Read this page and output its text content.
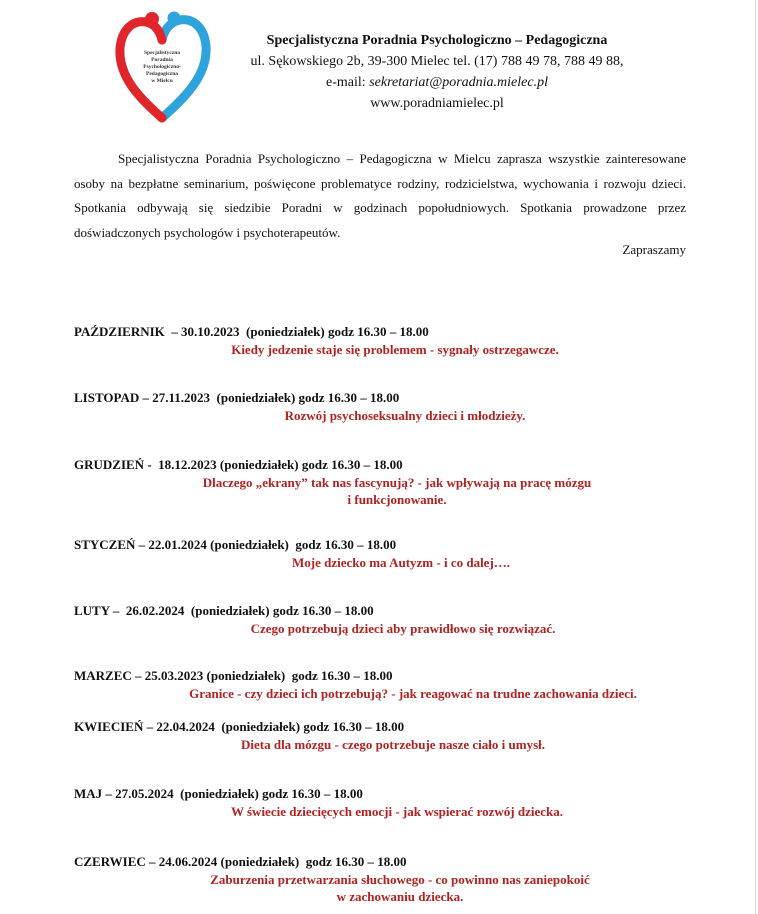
Specjalistyczna
Poradnia
Psychologiczno-
Pedagogiczna
w Mielcu
Specjalistyczna Poradnia Psychologiczno – Pedagogiczna
ul. Sękowskiego 2b, 39-300 Mielec tel. (17) 788 49 78, 788 49 88,
e-mail: sekretariat@poradnia.mielec.pl
www.poradniamielec.pl

Specjalistyczna Poradnia Psychologiczno – Pedagogiczna w Mielcu zaprasza wszystkie zainteresowane osoby na bezpłatne seminarium, poświęcone problematyce rodziny, rodzicielstwa, wychowania i rozwoju dzieci. Spotkania odbywają się siedzibie Poradni w godzinach popołudniowych. Spotkania prowadzone przez doświadczonych psychologów i psychoterapeutów.

Zapraszamy
PAŹDZIERNIK  – 30.10.2023  (poniedziałek) godz 16.30 – 18.00
Kiedy jedzenie staje się problemem - sygnały ostrzegawcze.
LISTOPAD – 27.11.2023  (poniedziałek) godz 16.30 – 18.00
Rozwój psychoseksualny dzieci i młodzieży.
GRUDZIEŃ -  18.12.2023 (poniedziałek) godz 16.30 – 18.00
Dlaczego „ekrany” tak nas fascynują? - jak wpływają na pracę mózgu
i funkcjonowanie.
STYCZEŃ – 22.01.2024 (poniedziałek)  godz 16.30 – 18.00
Moje dziecko ma Autyzm - i co dalej….
LUTY –  26.02.2024  (poniedziałek) godz 16.30 – 18.00
Czego potrzebują dzieci aby prawidłowo się rozwiązać.
MARZEC – 25.03.2023 (poniedziałek)  godz 16.30 – 18.00
Granice - czy dzieci ich potrzebują? - jak reagować na trudne zachowania dzieci.
KWIECIEŃ – 22.04.2024  (poniedziałek) godz 16.30 – 18.00
Dieta dla mózgu - czego potrzebuje nasze ciało i umysł.
MAJ – 27.05.2024  (poniedziałek) godz 16.30 – 18.00
W świecie dziecięcych emocji - jak wspierać rozwój dziecka.
CZERWIEC – 24.06.2024 (poniedziałek)  godz 16.30 – 18.00
Zaburzenia przetwarzania słuchowego - co powinno nas zaniepokoić
w zachowaniu dziecka.
